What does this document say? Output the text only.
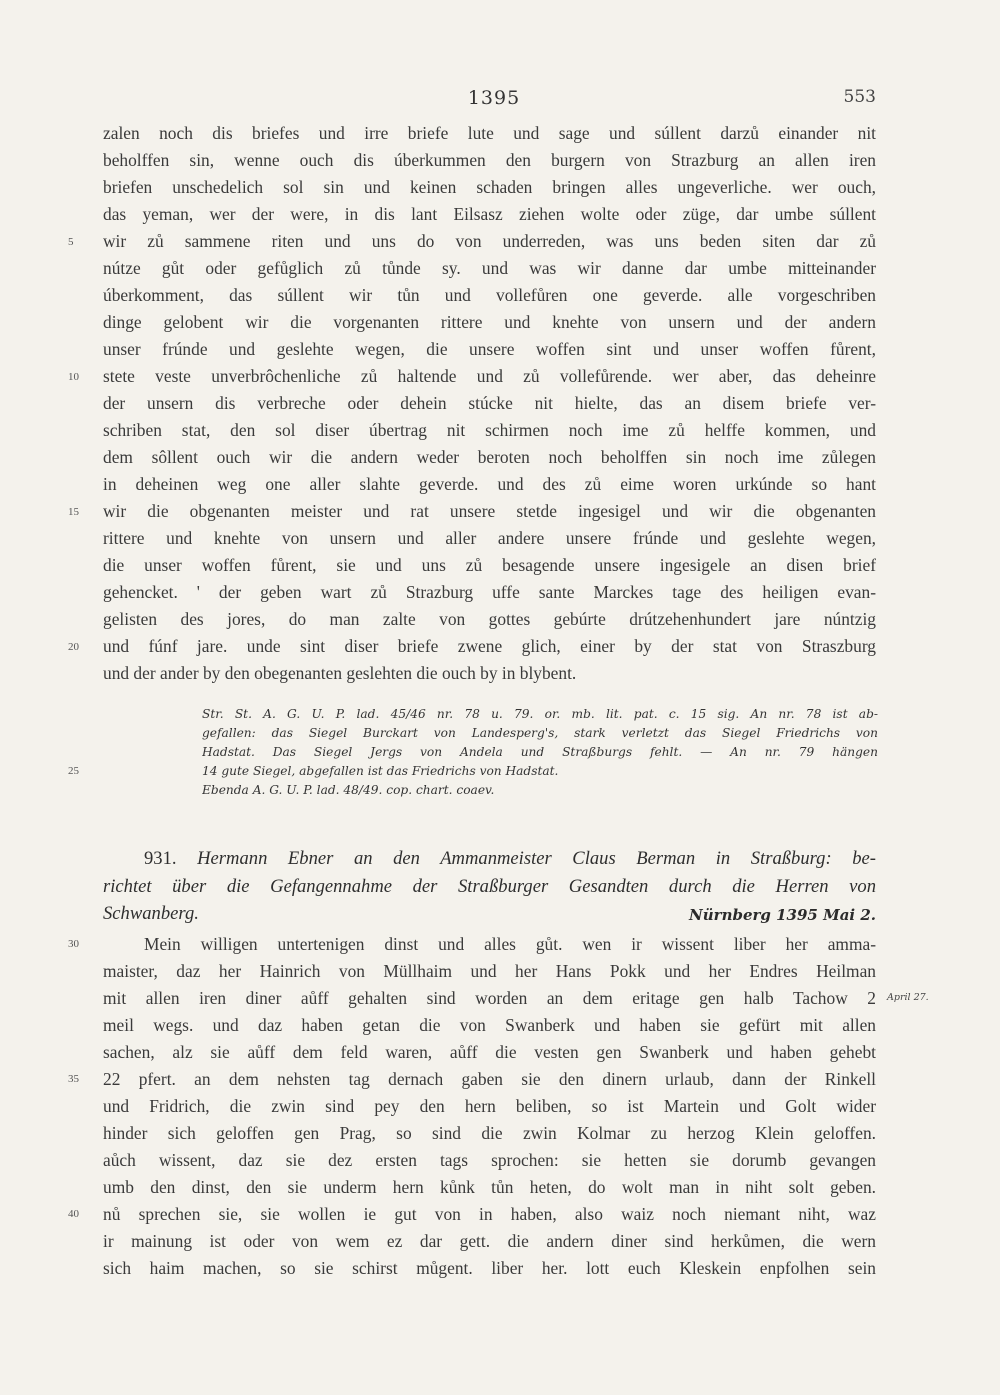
1395	553
zalen noch dis briefes und irre briefe lute und sage und súllent darzů einander nit
beholffen sin, wenne ouch dis úberkummen den burgern von Strazburg an allen iren
briefen unschedelich sol sin und keinen schaden bringen alles ungeverliche. wer ouch,
das yeman, wer der were, in dis lant Eilsasz ziehen wolte oder züge, dar umbe súllent
wir zů sammene riten und uns do von underreden, was uns beden siten dar zů
nútze gůt oder gefůglich zů tůnde sy. und was wir danne dar umbe mitteinander
úberkomment, das súllent wir tůn und vollefůren one geverde. alle vorgeschriben
dinge gelobent wir die vorgenanten rittere und knehte von unsern und der andern
unser frúnde und geslehte wegen, die unsere woffen sint und unser woffen fůrent,
stete veste unverbrôchenliche zů haltende und zů vollefůrende. wer aber, das deheinre
der unsern dis verbreche oder dehein stúcke nit hielte, das an disem briefe ver-
schriben stat, den sol diser úbertrag nit schirmen noch ime zů helffe kommen, und
dem sôllent ouch wir die andern weder beroten noch beholffen sin noch ime zůlegen
in deheinen weg one aller slahte geverde. und des zů eime woren urkúnde so hant
wir die obgenanten meister und rat unsere stetde ingesigel und wir die obgenanten
rittere und knehte von unsern und aller andere unsere frúnde und geslehte wegen,
die unser woffen fůrent, sie und uns zů besagende unsere ingesigele an disen brief
gehencket. ' der geben wart zů Strazburg uffe sante Marckes tage des heiligen evan-
gelisten des jores, do man zalte von gottes gebúrte drútzehenhundert jare núntzig
und fúnf jare. unde sint diser briefe zwene glich, einer by der stat von Straszburg
und der ander by den obegenanten geslehten die ouch by in blybent.
5
10
15
20
25
30
35
40
Str. St. A. G. U. P. lad. 45/46 nr. 78 u. 79. or. mb. lit. pat. c. 15 sig. An nr. 78 ist ab-
gefallen: das Siegel Burckart von Landesperg's, stark verletzt das Siegel Friedrichs von
Hadstat. Das Siegel Jergs von Andela und Straßburgs fehlt. — An nr. 79 hängen
14 gute Siegel, abgefallen ist das Friedrichs von Hadstat.
Ebenda A. G. U. P. lad. 48/49. cop. chart. coaev.
931. Hermann Ebner an den Ammanmeister Claus Berman in Straßburg: be-
richtet über die Gefangennahme der Straßburger Gesandten durch die Herren von
Schwanberg.	Nürnberg 1395 Mai 2.
Mein willigen untertenigen dinst und alles gůt. wen ir wissent liber her amma-
maister, daz her Hainrich von Müllhaim und her Hans Pokk und her Endres Heilman
mit allen iren diner aůff gehalten sind worden an dem eritage gen halb Tachow 2
meil wegs. und daz haben getan die von Swanberk und haben sie gefürt mit allen
sachen, alz sie aůff dem feld waren, aůff die vesten gen Swanberk und haben gehebt
22 pfert. an dem nehsten tag dernach gaben sie den dinern urlaub, dann der Rinkell
und Fridrich, die zwin sind pey den hern beliben, so ist Martein und Golt wider
hinder sich geloffen gen Prag, so sind die zwin Kolmar zu herzog Klein geloffen.
aůch wissent, daz sie dez ersten tags sprochen: sie hetten sie dorumb gevangen
umb den dinst, den sie underm hern kůnk tůn heten, do wolt man in niht solt geben.
nů sprechen sie, sie wollen ie gut von in haben, also waiz noch niemant niht, waz
ir mainung ist oder von wem ez dar gett. die andern diner sind herkůmen, die wern
sich haim machen, so sie schirst můgent. liber her. lott euch Kleskein enpfolhen sein
April 27.
